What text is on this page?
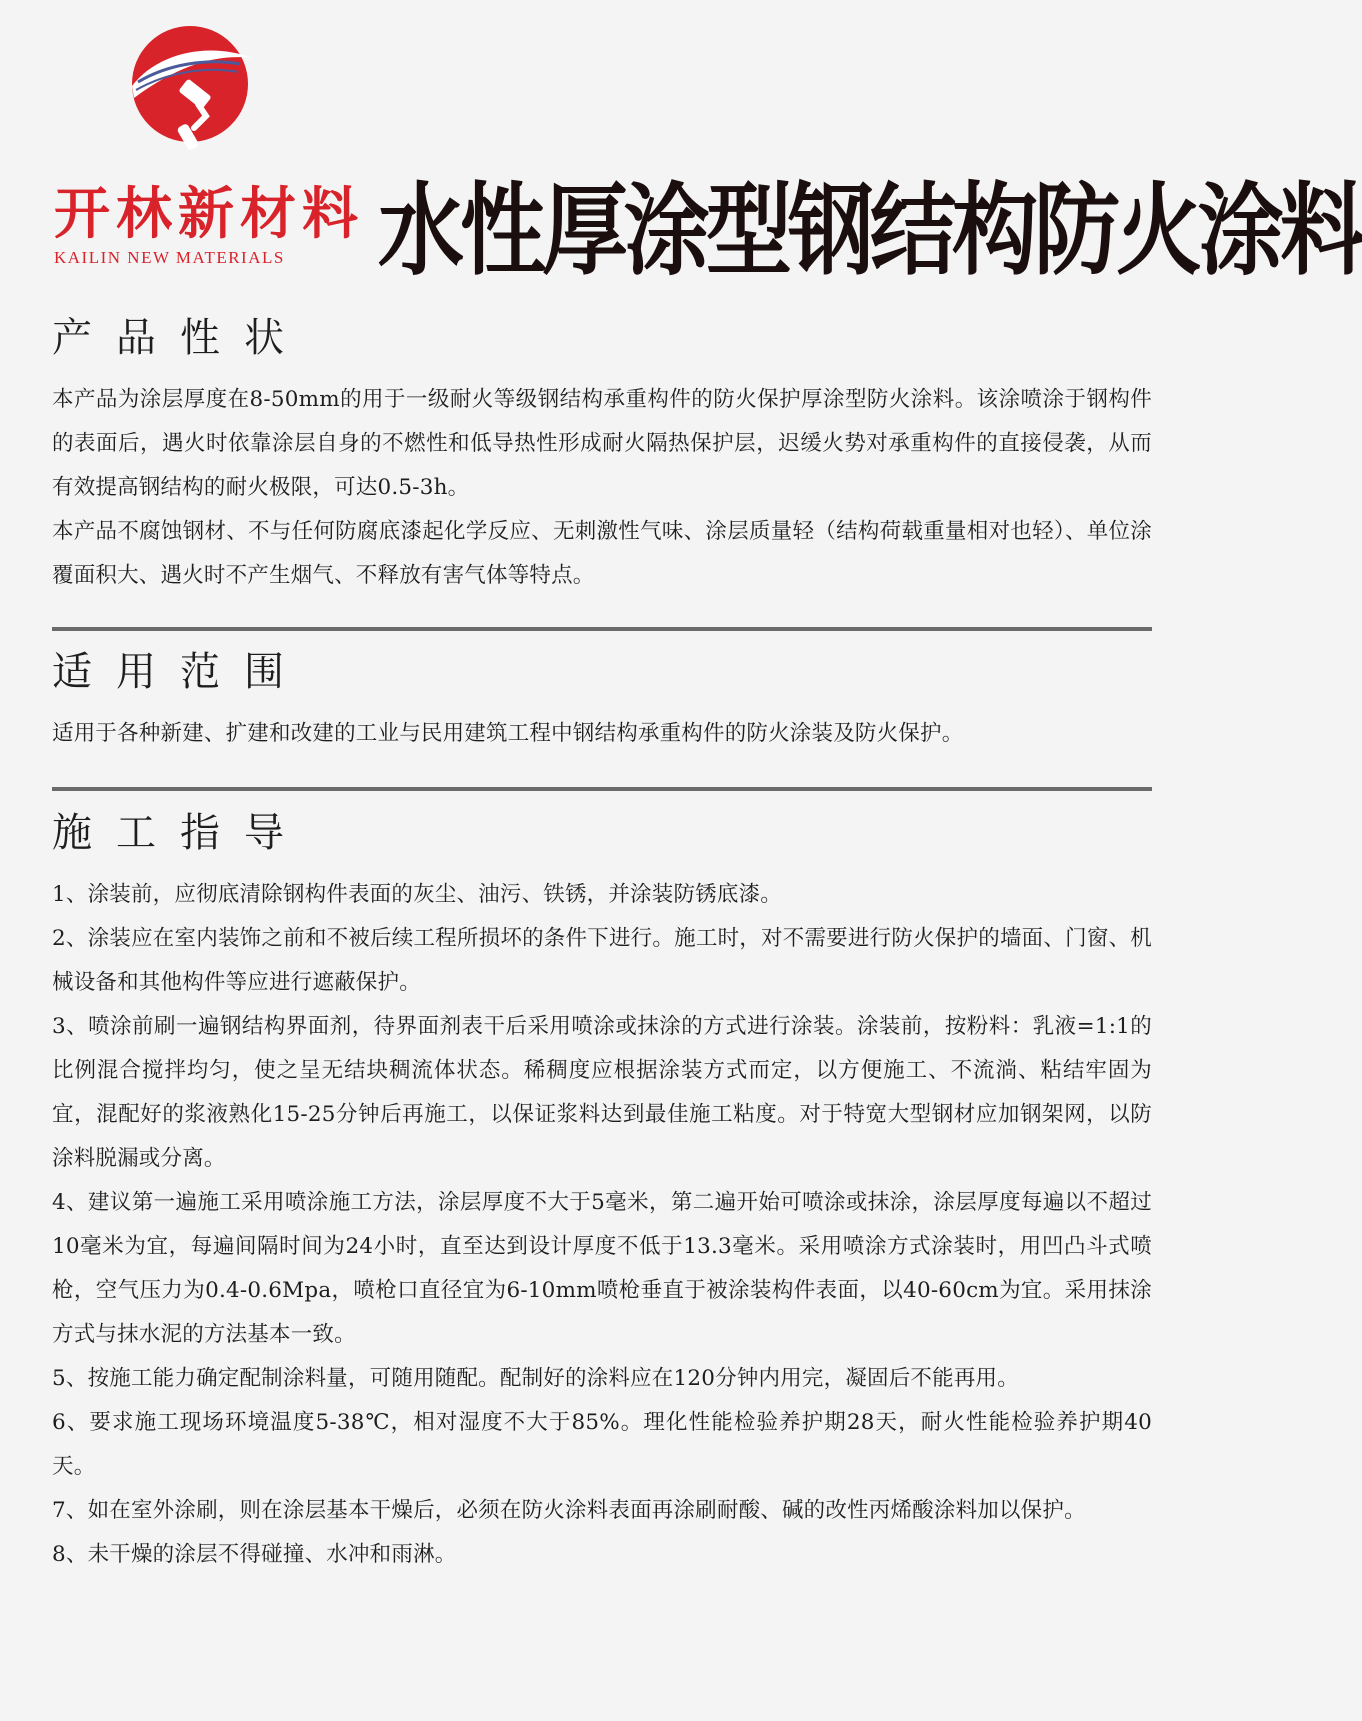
开林新材料
KAILIN NEW MATERIALS 水性厚涂型钢结构防火涂料
产品性状

本产品为涂层厚度在8-50mm的用于一级耐火等级钢结构承重构件的防火保护厚涂型防火涂料。该涂喷涂于钢构件的表面后，遇火时依靠涂层自身的不燃性和低导热性形成耐火隔热保护层，迟缓火势对承重构件的直接侵袭，从而有效提高钢结构的耐火极限，可达0.5-3h。

本产品不腐蚀钢材、不与任何防腐底漆起化学反应、无刺激性气味、涂层质量轻（结构荷载重量相对也轻）、单位涂覆面积大、遇火时不产生烟气、不释放有害气体等特点。

适用范围

适用于各种新建、扩建和改建的工业与民用建筑工程中钢结构承重构件的防火涂装及防火保护。

施工指导

1、涂装前，应彻底清除钢构件表面的灰尘、油污、铁锈，并涂装防锈底漆。

2、涂装应在室内装饰之前和不被后续工程所损坏的条件下进行。施工时，对不需要进行防火保护的墙面、门窗、机械设备和其他构件等应进行遮蔽保护。

3、喷涂前刷一遍钢结构界面剂，待界面剂表干后采用喷涂或抹涂的方式进行涂装。涂装前，按粉料：乳液=1:1的比例混合搅拌均匀，使之呈无结块稠流体状态。稀稠度应根据涂装方式而定，以方便施工、不流淌、粘结牢固为宜，混配好的浆液熟化15-25分钟后再施工，以保证浆料达到最佳施工粘度。对于特宽大型钢材应加钢架网，以防涂料脱漏或分离。

4、建议第一遍施工采用喷涂施工方法，涂层厚度不大于5毫米，第二遍开始可喷涂或抹涂，涂层厚度每遍以不超过10毫米为宜，每遍间隔时间为24小时，直至达到设计厚度不低于13.3毫米。采用喷涂方式涂装时，用凹凸斗式喷枪，空气压力为0.4-0.6Mpa，喷枪口直径宜为6-10mm喷枪垂直于被涂装构件表面，以40-60cm为宜。采用抹涂方式与抹水泥的方法基本一致。

5、按施工能力确定配制涂料量，可随用随配。配制好的涂料应在120分钟内用完，凝固后不能再用。

6、要求施工现场环境温度5-38℃，相对湿度不大于85%。理化性能检验养护期28天，耐火性能检验养护期40天。

7、如在室外涂刷，则在涂层基本干燥后，必须在防火涂料表面再涂刷耐酸、碱的改性丙烯酸涂料加以保护。

8、未干燥的涂层不得碰撞、水冲和雨淋。
